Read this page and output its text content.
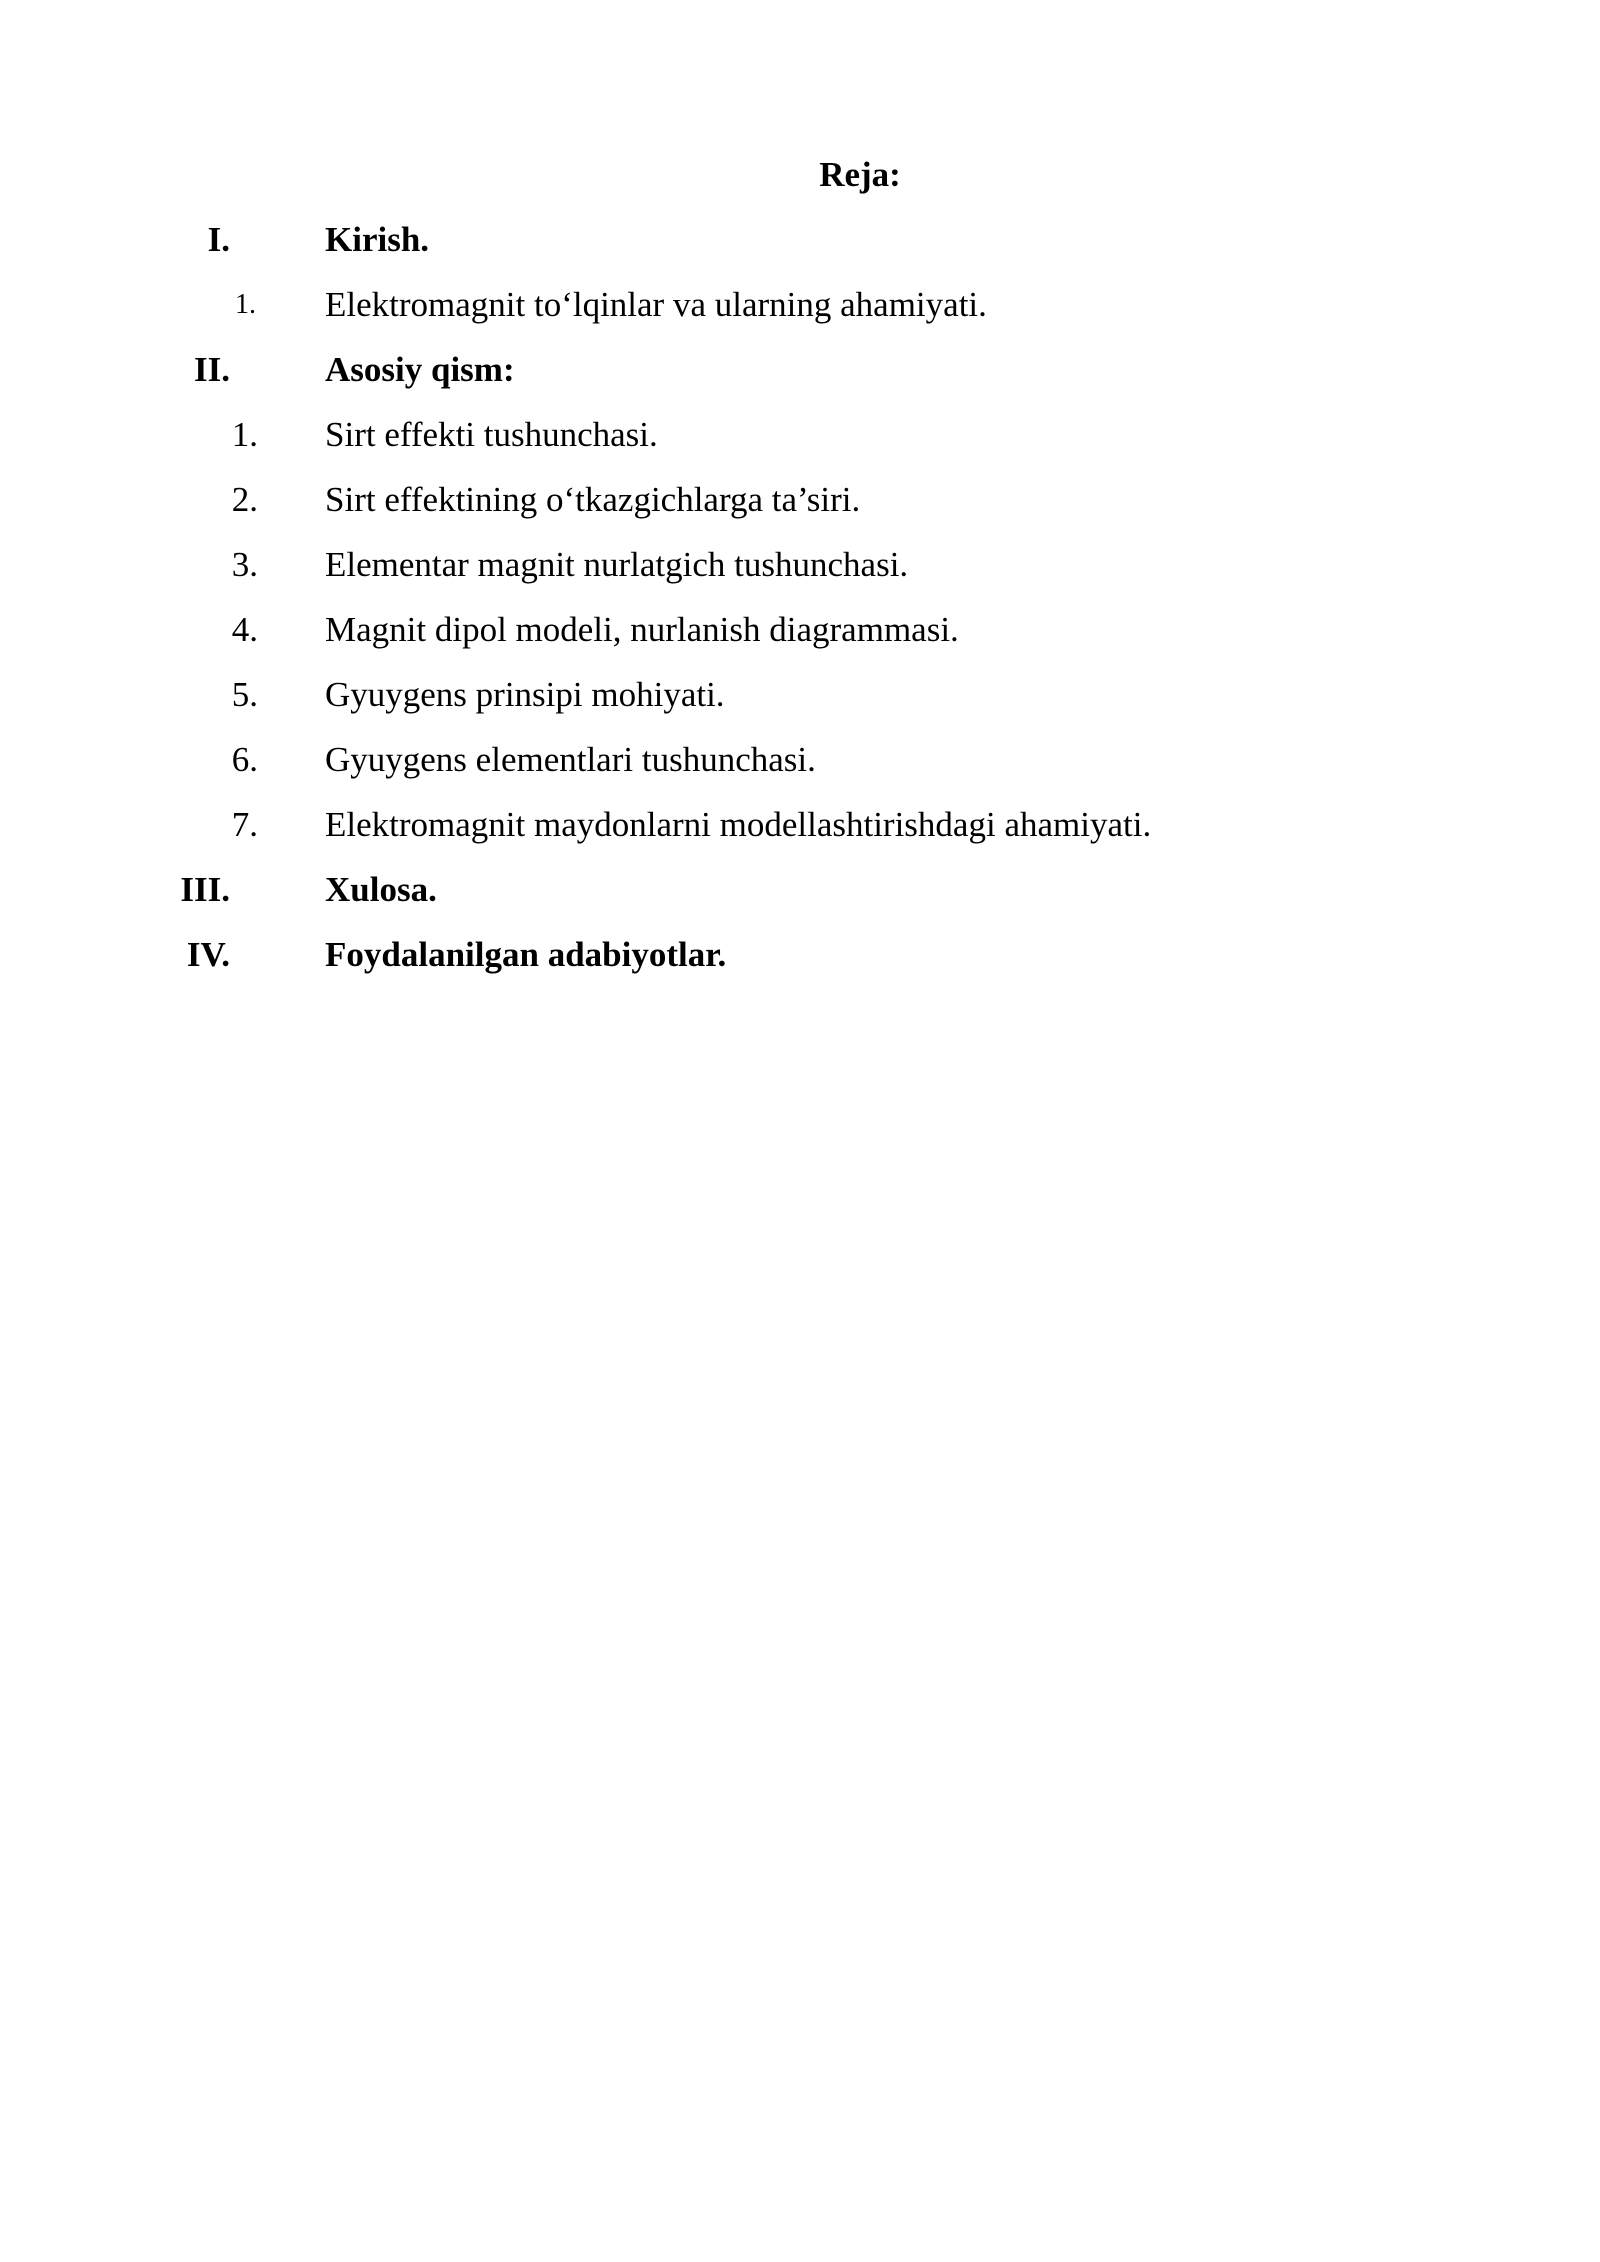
Reja:
I.	Kirish.
1. Elektromagnit to‘lqinlar va ularning ahamiyati.
II.	Asosiy qism:
1. Sirt effekti tushunchasi.
2. Sirt effektining o‘tkazgichlarga ta’siri.
3. Elementar magnit nurlatgich tushunchasi.
4. Magnit dipol modeli, nurlanish diagrammasi.
5. Gyuygens prinsipi mohiyati.
6. Gyuygens elementlari tushunchasi.
7. Elektromagnit maydonlarni modellashtirishdagi ahamiyati.
III.	Xulosa.
IV.	Foydalanilgan adabiyotlar.
